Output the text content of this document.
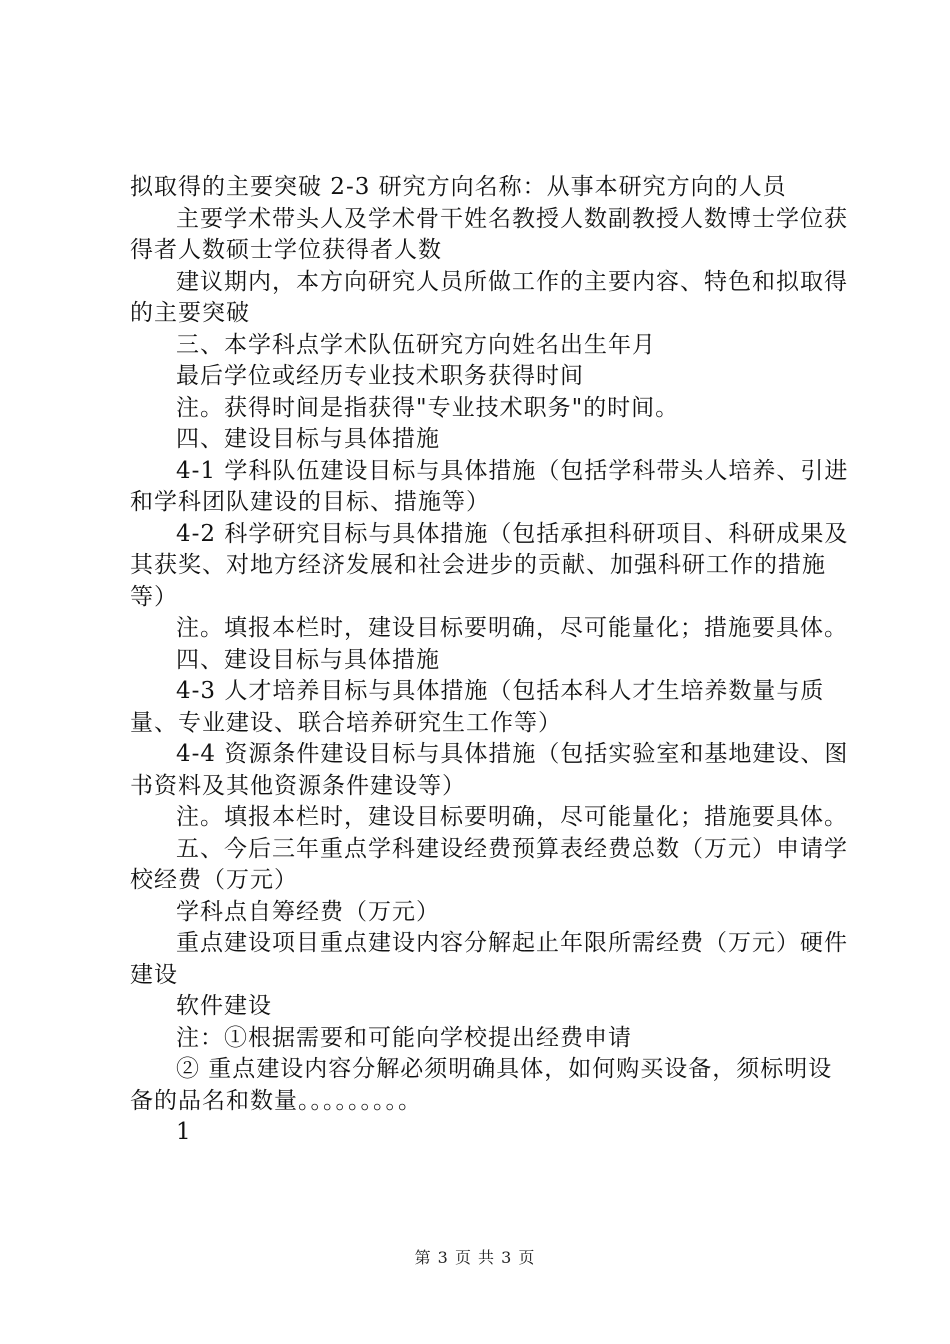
拟取得的主要突破 2-3 研究方向名称：从事本研究方向的人员

主要学术带头人及学术骨干姓名教授人数副教授人数博士学位获得者人数硕士学位获得者人数

建议期内，本方向研究人员所做工作的主要内容、特色和拟取得的主要突破

三、本学科点学术队伍研究方向姓名出生年月

最后学位或经历专业技术职务获得时间

注。获得时间是指获得"专业技术职务"的时间。

四、建设目标与具体措施

4-1 学科队伍建设目标与具体措施（包括学科带头人培养、引进和学科团队建设的目标、措施等）

4-2 科学研究目标与具体措施（包括承担科研项目、科研成果及其获奖、对地方经济发展和社会进步的贡献、加强科研工作的措施等）

注。填报本栏时，建设目标要明确，尽可能量化；措施要具体。

四、建设目标与具体措施

4-3 人才培养目标与具体措施（包括本科人才生培养数量与质量、专业建设、联合培养研究生工作等）

4-4 资源条件建设目标与具体措施（包括实验室和基地建设、图书资料及其他资源条件建设等）

注。填报本栏时，建设目标要明确，尽可能量化；措施要具体。

五、今后三年重点学科建设经费预算表经费总数（万元）申请学校经费（万元）

学科点自筹经费（万元）

重点建设项目重点建设内容分解起止年限所需经费（万元）硬件建设

软件建设

注：①根据需要和可能向学校提出经费申请

② 重点建设内容分解必须明确具体，如何购买设备，须标明设备的品名和数量。。。。。。。。。

1

第 3 页 共 3 页
